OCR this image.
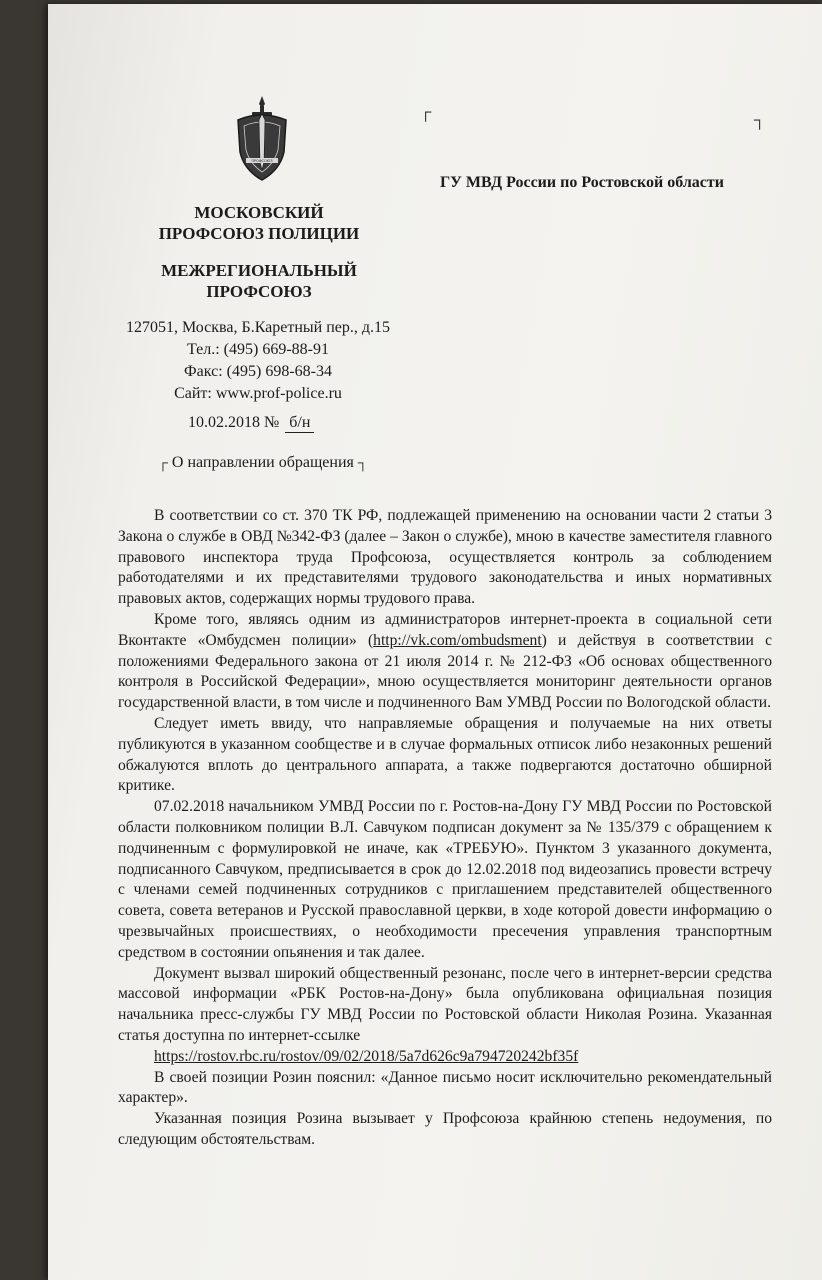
ПРОФСОЮЗ
МОСКОВСКИЙ ПРОФСОЮЗ ПОЛИЦИИ
МЕЖРЕГИОНАЛЬНЫЙ ПРОФСОЮЗ
127051, Москва, Б.Каретный пер., д.15
Тел.: (495) 669-88-91
Факс: (495) 698-68-34
Сайт: www.prof-police.ru
10.02.2018 № б/н
┌ О направлении обращения ┐
┌	┐
ГУ МВД России по Ростовской области

В соответствии со ст. 370 ТК РФ, подлежащей применению на основании части 2 статьи 3 Закона о службе в ОВД №342-ФЗ (далее – Закон о службе), мною в качестве заместителя главного правового инспектора труда Профсоюза, осуществляется контроль за соблюдением работодателями и их представителями трудового законодательства и иных нормативных правовых актов, содержащих нормы трудового права.

Кроме того, являясь одним из администраторов интернет-проекта в социальной сети Вконтакте «Омбудсмен полиции» (http://vk.com/ombudsment) и действуя в соответствии с положениями Федерального закона от 21 июля 2014 г. № 212-ФЗ «Об основах общественного контроля в Российской Федерации», мною осуществляется мониторинг деятельности органов государственной власти, в том числе и подчиненного Вам УМВД России по Вологодской области.

Следует иметь ввиду, что направляемые обращения и получаемые на них ответы публикуются в указанном сообществе и в случае формальных отписок либо незаконных решений обжалуются вплоть до центрального аппарата, а также подвергаются достаточно обширной критике.

07.02.2018 начальником УМВД России по г. Ростов-на-Дону ГУ МВД России по Ростовской области полковником полиции В.Л. Савчуком подписан документ за № 135/379 с обращением к подчиненным с формулировкой не иначе, как «ТРЕБУЮ». Пунктом 3 указанного документа, подписанного Савчуком, предписывается в срок до 12.02.2018 под видеозапись провести встречу с членами семей подчиненных сотрудников с приглашением представителей общественного совета, совета ветеранов и Русской православной церкви, в ходе которой довести информацию о чрезвычайных происшествиях, о необходимости пресечения управления транспортным средством в состоянии опьянения и так далее.

Документ вызвал широкий общественный резонанс, после чего в интернет-версии средства массовой информации «РБК Ростов-на-Дону» была опубликована официальная позиция начальника пресс-службы ГУ МВД России по Ростовской области Николая Розина. Указанная статья доступна по интернет-ссылке

https://rostov.rbc.ru/rostov/09/02/2018/5a7d626c9a794720242bf35f

В своей позиции Розин пояснил: «Данное письмо носит исключительно рекомендательный характер».

Указанная позиция Розина вызывает у Профсоюза крайнюю степень недоумения, по следующим обстоятельствам.
